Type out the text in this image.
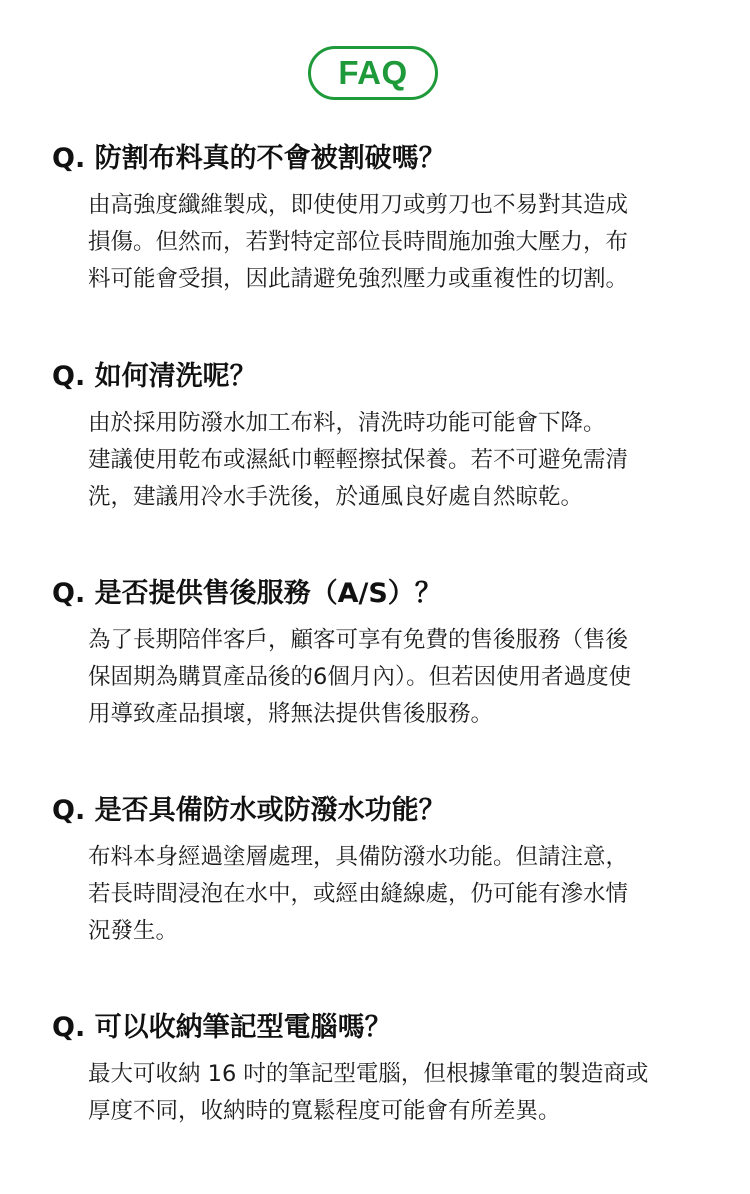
FAQ
Q. 防割布料真的不會被割破嗎？

由高強度纖維製成，即使使用刀或剪刀也不易對其造成
損傷。但然而，若對特定部位長時間施加強大壓力，布
料可能會受損，因此請避免強烈壓力或重複性的切割。

Q. 如何清洗呢？

由於採用防潑水加工布料，清洗時功能可能會下降。
建議使用乾布或濕紙巾輕輕擦拭保養。若不可避免需清
洗，建議用冷水手洗後，於通風良好處自然晾乾。

Q. 是否提供售後服務（A/S）？

為了長期陪伴客戶，顧客可享有免費的售後服務（售後
保固期為購買產品後的6個月內）。但若因使用者過度使
用導致產品損壞，將無法提供售後服務。

Q. 是否具備防水或防潑水功能？

布料本身經過塗層處理，具備防潑水功能。但請注意，
若長時間浸泡在水中，或經由縫線處，仍可能有滲水情
況發生。

Q. 可以收納筆記型電腦嗎？

最大可收納 16 吋的筆記型電腦，但根據筆電的製造商或
厚度不同，收納時的寬鬆程度可能會有所差異。
